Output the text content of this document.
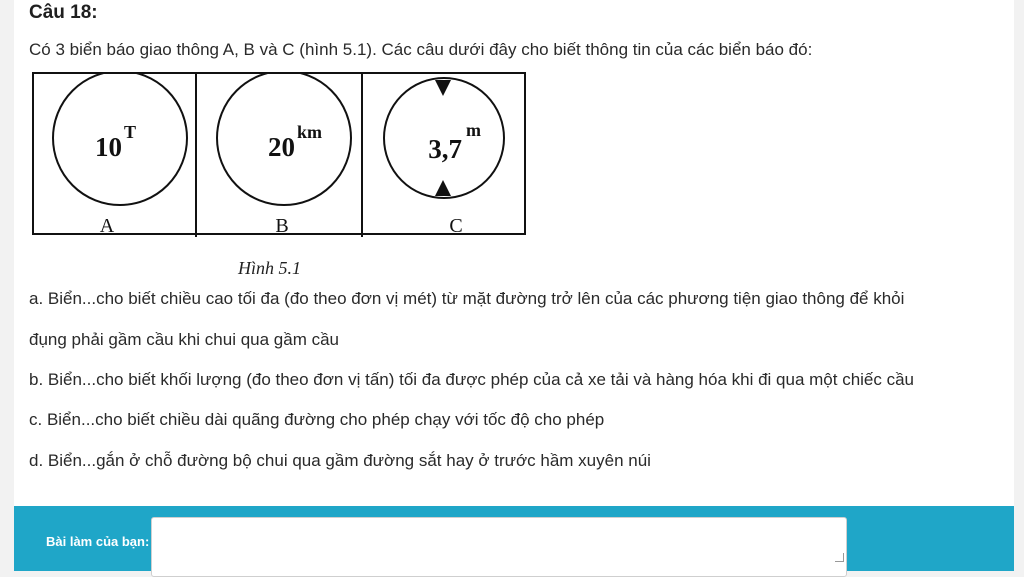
Câu 18:
Có 3 biển báo giao thông A, B và C (hình 5.1). Các câu dưới đây cho biết thông tin của các biển báo đó:
10 T
A
20 km
B
3,7
m
C
Hình 5.1
a. Biển...cho biết chiều cao tối đa (đo theo đơn vị mét) từ mặt đường trở lên của các phương tiện giao thông để khỏi
đụng phải gầm cầu khi chui qua gầm cầu
b. Biển...cho biết khối lượng (đo theo đơn vị tấn) tối đa được phép của cả xe tải và hàng hóa khi đi qua một chiếc cầu
c. Biển...cho biết chiều dài quãng đường cho phép chạy với tốc độ cho phép
d. Biển...gắn ở chỗ đường bộ chui qua gầm đường sắt hay ở trước hầm xuyên núi
Bài làm của bạn:
